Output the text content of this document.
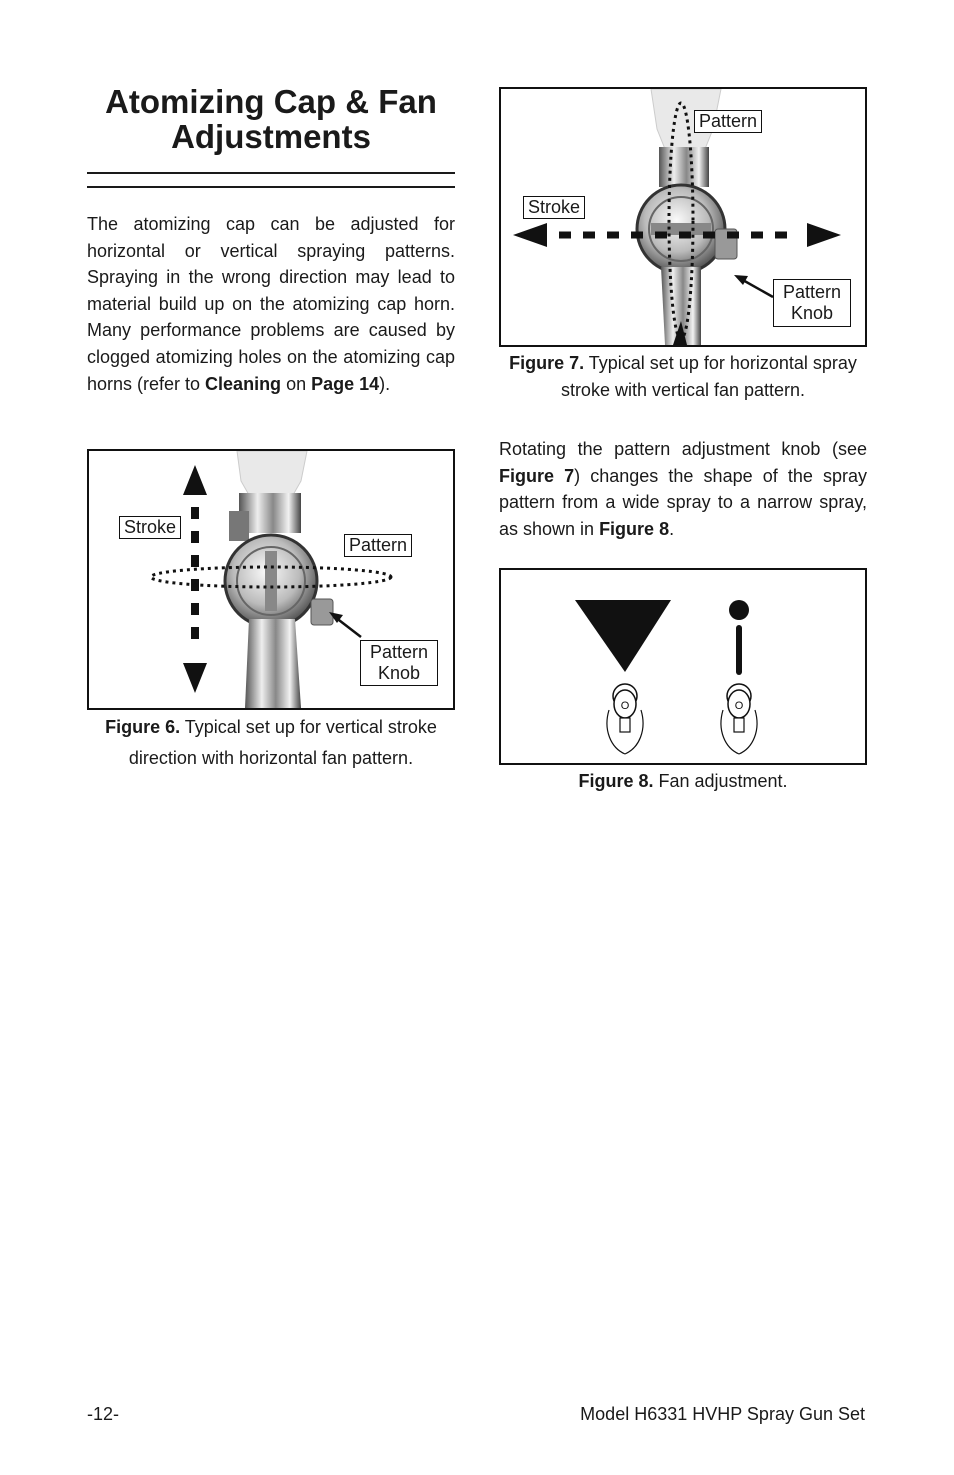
Atomizing Cap & Fan
Adjustments
The atomizing cap can be adjusted for horizontal or vertical spraying patterns. Spraying in the wrong direction may lead to material build up on the atomizing cap horn. Many performance problems are caused by clogged atomizing holes on the atomizing cap horns (refer to Cleaning on Page 14).
Stroke
Pattern
Pattern
Knob
Figure 6. Typical set up for vertical stroke direction with horizontal fan pattern.
Pattern
Stroke
Pattern
Knob
Figure 7. Typical set up for horizontal spray stroke with vertical fan pattern.
Rotating the pattern adjustment knob (see Figure 7) changes the shape of the spray pattern from a wide spray to a narrow spray, as shown in Figure 8.
O	O
Figure 8. Fan adjustment.
-12-	Model H6331 HVHP Spray Gun Set
